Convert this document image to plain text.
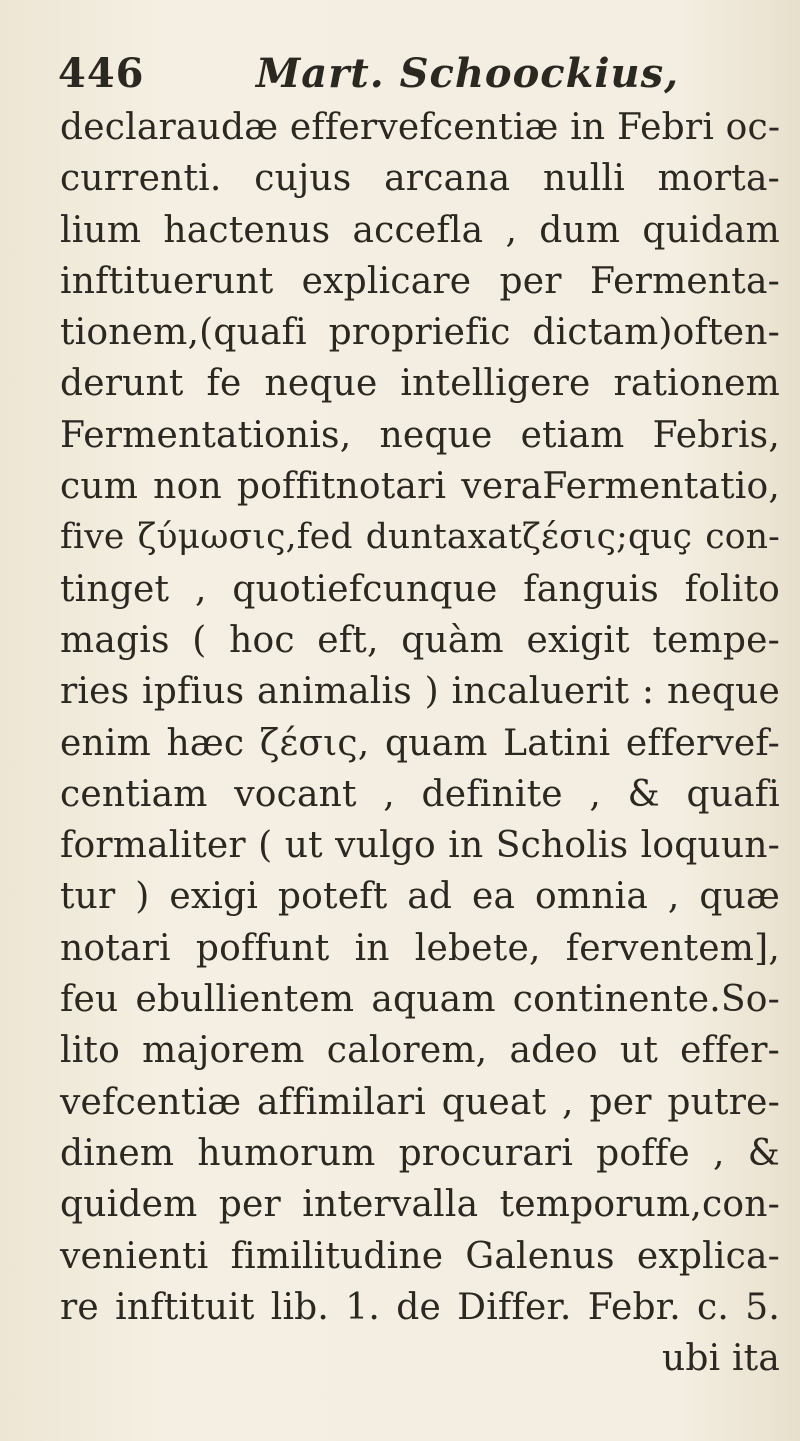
446	Mart. Schoockius,
declaraudæ effervefcentiæ in Febri oc-
currenti. cujus arcana nulli morta-
lium hactenus accefla , dum quidam
inftituerunt explicare per Fermenta-
tionem,(quafi propriefic dictam)often-
derunt fe neque intelligere rationem
Fermentationis, neque etiam Febris,
cum non poffitnotari veraFermentatio,
five ζύμωσις,fed duntaxatζέσις;quç con-
tinget , quotiefcunque fanguis folito
magis ( hoc eft, quàm exigit tempe-
ries ipfius animalis ) incaluerit : neque
enim hæc ζέσις, quam Latini effervef-
centiam vocant , definite , & quafi
formaliter ( ut vulgo in Scholis loquun-
tur ) exigi poteft ad ea omnia , quæ
notari poffunt in lebete, ferventem],
feu ebullientem aquam continente.So-
lito majorem calorem, adeo ut effer-
vefcentiæ affimilari queat , per putre-
dinem humorum procurari poffe , &
quidem per intervalla temporum,con-
venienti fimilitudine Galenus explica-
re inftituit lib. 1. de Differ. Febr. c. 5.
ubi ita
